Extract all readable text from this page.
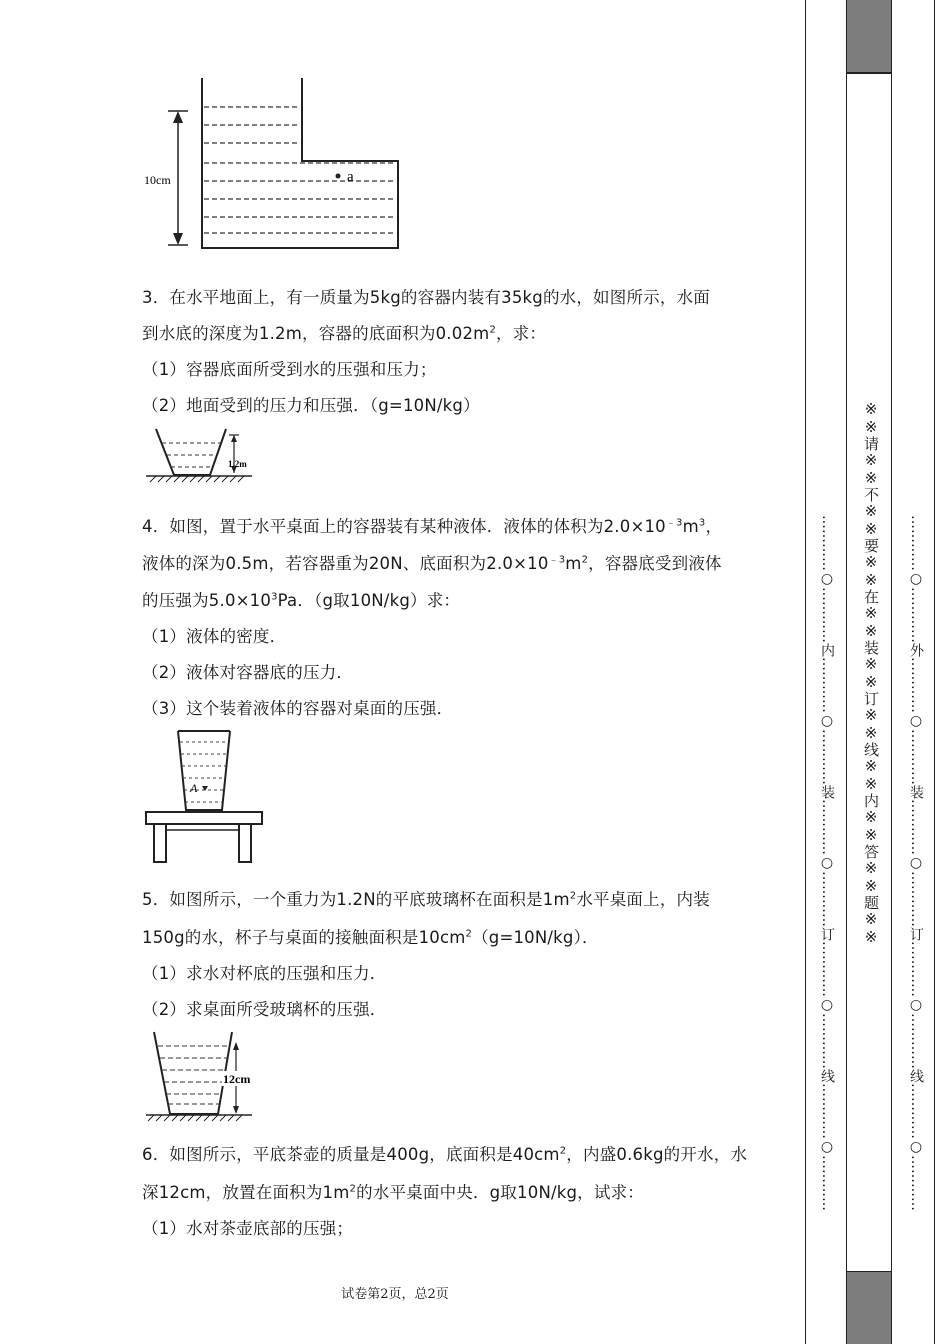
10cm	a
3．在水平地面上，有一质量为5kg的容器内装有35kg的水，如图所示，水面
到水底的深度为1.2m，容器的底面积为$0.02m^2$，求：
（1）容器底面所受到水的压强和压力；
（2）地面受到的压力和压强．（g=10N/kg）
1.2m
4．如图，置于水平桌面上的容器装有某种液体．液体的体积为$2.0\times 10^{﹣3}m^3$，
液体的深为0.5m，若容器重为20N、底面积为$2.0\times 10^{﹣3}m^2$，容器底受到液体
的压强为$5.0\times 10^3Pa$．（g取10N/kg）求：
（1）液体的密度．
（2）液体对容器底的压力．
（3）这个装着液体的容器对桌面的压强．
A
5．如图所示，一个重力为1.2N的平底玻璃杯在面积是$1m^2$水平桌面上，内装
150g的水，杯子与桌面的接触面积是$10cm^2(g=10N/kg)$．
（1）求水对杯底的压强和压力．
（2）求桌面所受玻璃杯的压强．
12cm
6．如图所示，平底茶壶的质量是400g，底面积是$40cm^2$，内盛0.6kg的开水，水
深12cm，放置在面积为$1m^2$的水平桌面中央．g取10N/kg，试求：
（1）水对茶壶底部的压强；
试卷第2页，总2页
…………○…………内…………○…………装…………○…………订…………○…………线…………○………… ※※请※※不※※要※※在※※装※※订※※线※※内※※答※※题※※ …………○…………外…………○…………装…………○…………订…………○…………线…………○…………
